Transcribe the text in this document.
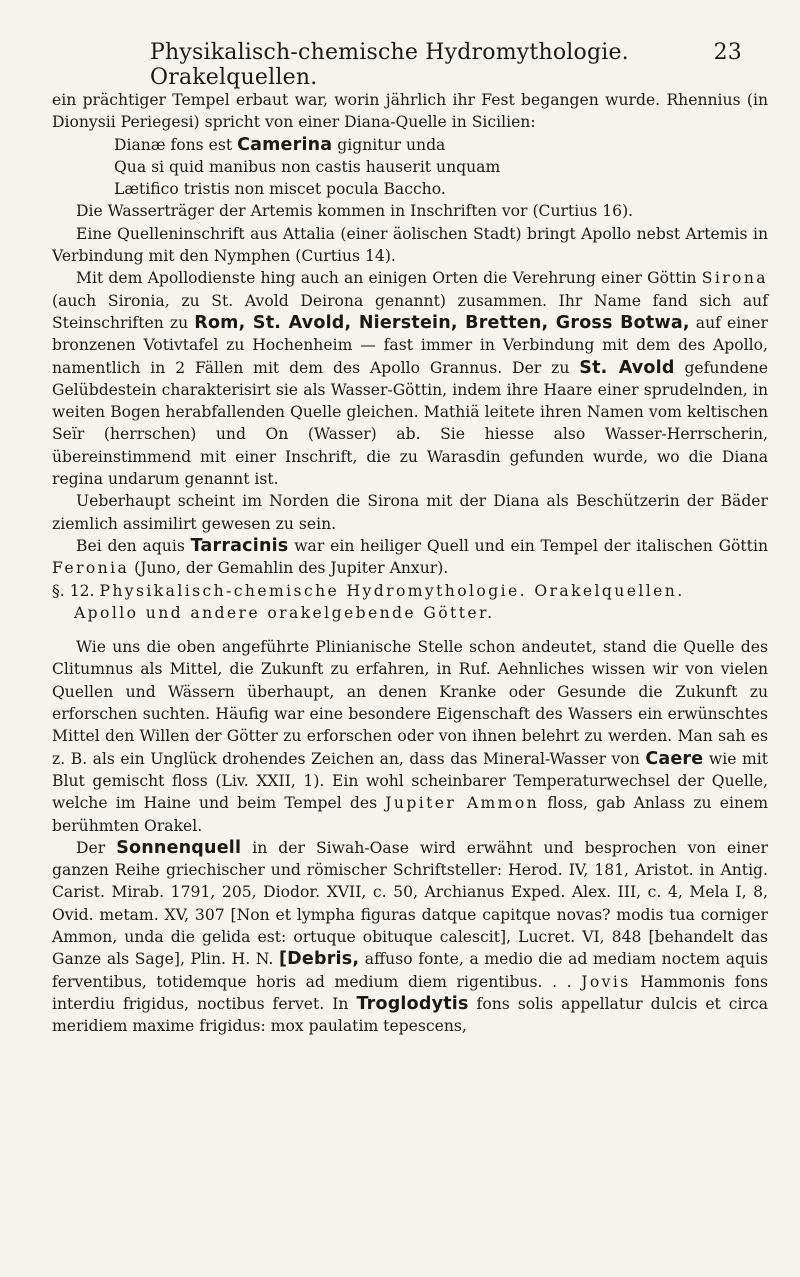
Physikalisch-chemische Hydromythologie. Orakelquellen.
23

ein prächtiger Tempel erbaut war, worin jährlich ihr Fest begangen wurde. Rhennius (in Dionysii Periegesi) spricht von einer Diana-Quelle in Sicilien:

Dianæ fons est Camerina gignitur unda

Qua si quid manibus non castis hauserit unquam

Lætifico tristis non miscet pocula Baccho.

Die Wasserträger der Artemis kommen in Inschriften vor (Curtius 16).

Eine Quelleninschrift aus Attalia (einer äolischen Stadt) bringt Apollo nebst Artemis in Verbindung mit den Nymphen (Curtius 14).

Mit dem Apollodienste hing auch an einigen Orten die Verehrung einer Göttin Sirona (auch Sironia, zu St. Avold Deirona genannt) zusammen. Ihr Name fand sich auf Steinschriften zu Rom, St. Avold, Nierstein, Bretten, Gross Botwa, auf einer bronzenen Votivtafel zu Hochenheim — fast immer in Verbindung mit dem des Apollo, namentlich in 2 Fällen mit dem des Apollo Grannus. Der zu St. Avold gefundene Gelübdestein charakterisirt sie als Wasser-Göttin, indem ihre Haare einer sprudelnden, in weiten Bogen herabfallenden Quelle gleichen. Mathiä leitete ihren Namen vom keltischen Seïr (herrschen) und On (Wasser) ab. Sie hiesse also Wasser-Herrscherin, übereinstimmend mit einer Inschrift, die zu Warasdin gefunden wurde, wo die Diana regina undarum genannt ist.

Ueberhaupt scheint im Norden die Sirona mit der Diana als Beschützerin der Bäder ziemlich assimilirt gewesen zu sein.

Bei den aquis Tarracinis war ein heiliger Quell und ein Tempel der italischen Göttin Feronia (Juno, der Gemahlin des Jupiter Anxur).

§. 12. Physikalisch-chemische Hydromythologie. Orakelquellen.
Apollo und andere orakelgebende Götter.

Wie uns die oben angeführte Plinianische Stelle schon andeutet, stand die Quelle des Clitumnus als Mittel, die Zukunft zu erfahren, in Ruf. Aehnliches wissen wir von vielen Quellen und Wässern überhaupt, an denen Kranke oder Gesunde die Zukunft zu erforschen suchten. Häufig war eine besondere Eigenschaft des Wassers ein erwünschtes Mittel den Willen der Götter zu erforschen oder von ihnen belehrt zu werden. Man sah es z. B. als ein Unglück drohendes Zeichen an, dass das Mineral-Wasser von Caere wie mit Blut gemischt floss (Liv. XXII, 1). Ein wohl scheinbarer Temperaturwechsel der Quelle, welche im Haine und beim Tempel des Jupiter Ammon floss, gab Anlass zu einem berühmten Orakel.

Der Sonnenquell in der Siwah-Oase wird erwähnt und besprochen von einer ganzen Reihe griechischer und römischer Schriftsteller: Herod. IV, 181, Aristot. in Antig. Carist. Mirab. 1791, 205, Diodor. XVII, c. 50, Archianus Exped. Alex. III, c. 4, Mela I, 8, Ovid. metam. XV, 307 [Non et lympha figuras datque capitque novas? modis tua corniger Ammon, unda die gelida est: ortuque obituque calescit], Lucret. VI, 848 [behandelt das Ganze als Sage], Plin. H. N. [Debris, affuso fonte, a medio die ad mediam noctem aquis ferventibus, totidemque horis ad medium diem rigentibus. . . Jovis Hammonis fons interdiu frigidus, noctibus fervet. In Troglodytis fons solis appellatur dulcis et circa meridiem maxime frigidus: mox paulatim tepescens,
